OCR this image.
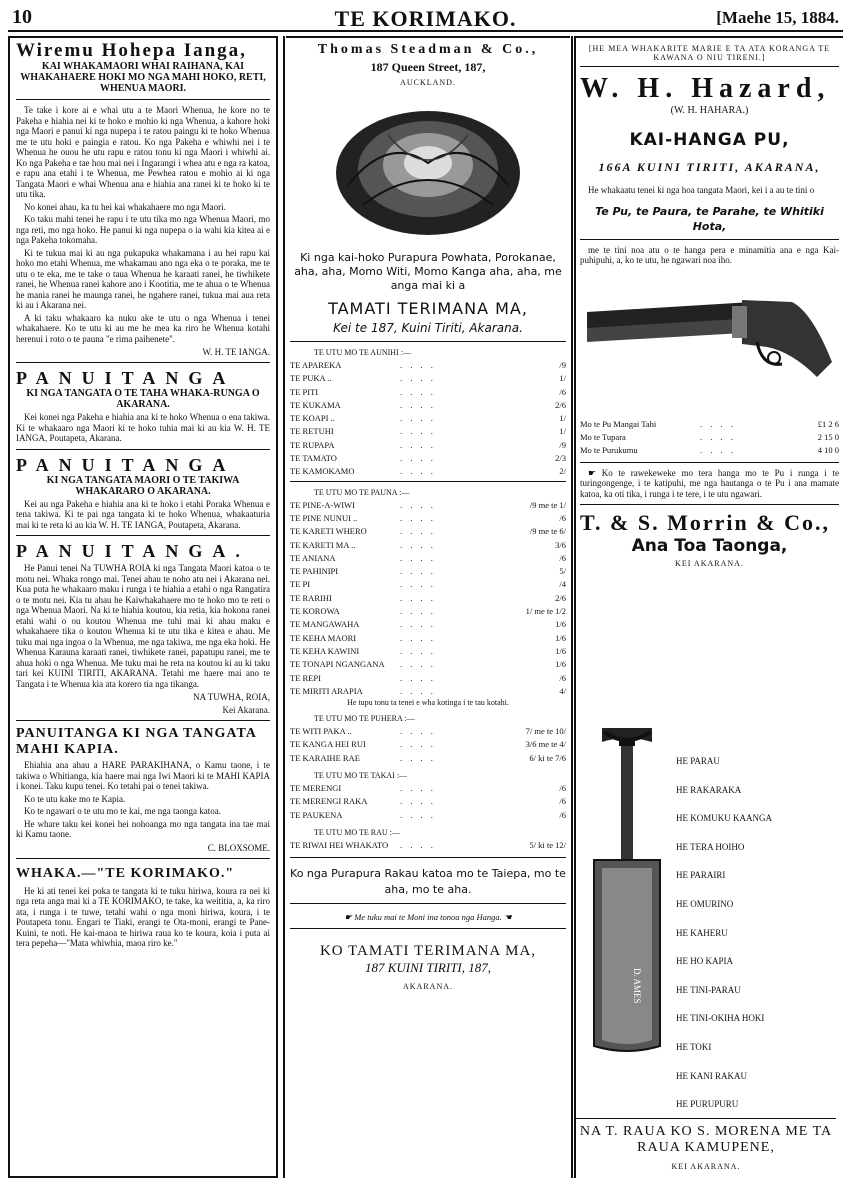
10	TE KORIMAKO.	[Maehe 15, 1884.
Wiremu Hohepa Ianga,
KAI WHAKAMAORI WHAI RAIHANA, KAI WHAKAHAERE HOKI MO NGA MAHI HOKO, RETI, WHENUA MAORI.

Te take i kore ai e whai utu a te Maori Whenua, he kore no te Pakeha e hiahia nei ki te hoko e mohio ki nga Whenua, a kahore hoki nga Maori e panui ki nga nupepa i te ratou paingu ki te hoko Whenua me te utu hoki e paingia e ratou. Ko nga Pakeha e whiwhi nei i te Whenua he ouou he utu rapu e ratou tonu ki nga Maori i whiwhi ai. Ko nga Pakeha e tae hou mai nei i Ingarangi i whea atu e nga ra katoa, e rapu ana etahi i te Whenua, me Pewhea ratou e mohio ai ki nga Tangata Maori e whai Whenua ana e hiahia ana ranei ki te hoko ki te utu tika.

No konei ahau, ka tu hei kai whakahaere mo nga Maori.

Ko taku mahi tenei he rapu i te utu tika mo nga Whenua Maori, mo nga reti, mo nga hoko. He panui ki nga nupepa o ia wahi kia kitea ai e nga Pakeha tokomaha.

Ki te tukua mai ki au nga pukapuka whakamana i au hei rapu kai hoko mo etahi Whenua, me whakamau ano nga eka o te poraka, me te utu o te eka, me te take o taua Whenua he karaati ranei, he tiwhikete ranei, he Whenua ranei kahore ano i Kootitia, me te ahua o te Whenua he mania ranei he maunga ranei, he ngahere ranei, tukua mai aua reta ki au i Akarana nei.

A ki taku whakaaro ka nuku ake te utu o nga Whenua i tenei whakahaere. Ko te utu ki au me he mea ka riro he Whenua kotahi herenui i roto o te pauna "e rima paihenete".

W. H. TE IANGA.
PANUITANGA
KI NGA TANGATA O TE TAHA WHAKA-RUNGA O AKARANA.

Kei konei nga Pakeha e hiahia ana ki te hoko Whenua o ena takiwa. Ki te whakaaro nga Maori ki te hoko tuhia mai ki au kia W. H. TE IANGA, Poutapeta, Akarana.

PANUITANGA
KI NGA TANGATA MAORI O TE TAKIWA WHAKARARO O AKARANA.

Kei au nga Pakeha e hiahia ana ki te hoko i etahi Poraka Whenua e tena takiwa. Ki te pai nga tangata ki te hoko Whenua, whakaaturia mai ki te reta ki au kia W. H. TE IANGA, Poutapeta, Akarana.

PANUITANGA.

He Panui tenei Na TUWHA ROIA ki nga Tangata Maori katoa o te motu nei. Whaka rongo mai. Tenei ahau te noho atu nei i Akarana nei. Kua puta he whakaaro maku i runga i te hiahia a etahi o nga Rangatira o te motu nei. Kia tu ahau he Kaiwhakahaere mo te hoko mo te reti o nga Whenua Maori. Na ki te hiahia koutou, kia retia, kia hokona ranei etahi wahi o ou koutou Whenua me tuhi mai ki ahau maku e whakahaere tika o koutou Whenua ki te utu tika e kitea e ahau. Me tuku mai nga ingoa o la Whenua, me nga takiwa, me nga eka hoki. He Whenua Karauna karaati ranei, tiwhikete ranei, papatupu ranei, me te ahua hoki o nga Whenua. Me tuku mai he reta na koutou ki au ki taku tari kei KUINI TIRITI, AKARANA. Tetahi me haere mai ano te Tangata i te Whenua kia ata korero tia nga tikanga.

NA TUWHA, ROIA,
Kei Akarana.
PANUITANGA KI NGA TANGATA MAHI KAPIA.

Ehiahia ana ahau a HARE PARAKIHANA, o Kamu taone, i te takiwa o Whitianga, kia haere mai nga Iwi Maori ki te MAHI KAPIA i konei. Taku kupu tenei. Ko tetahi pai o tenei takiwa.

Ko te utu kake mo te Kapia.

Ko te ngawari o te utu mo te kai, me nga taonga katoa.

He whare taku kei konei hei nohoanga mo nga tangata ina tae mai ki Kamu taone.

C. BLOXSOME.
WHAKA.—"TE KORIMAKO."

He ki ati tenei kei poka te tangata ki te tuku hiriwa, koura ra nei ki nga reta anga mai ki a TE KORIMAKO, te take, ka weititia, a, ka riro ata, i runga i te tuwe, tetahi wahi o nga moni hiriwa, koura, i te Poutapeta tonu. Engari te Tiaki, erangi te Ota-moni, erangi te Pane-Kuini, te noti. He kai-maoa te hiriwa raua ko te koura, koia i puta ai tera pepeha—"Mata whiwhia, maoa riro ke."

Thomas Steadman & Co.,
187 Queen Street, 187,
AUCKLAND.
Ki nga kai-hoko Purapura Powhata, Porokanae, aha, aha, Momo Witi, Momo Kanga aha, aha, me anga mai ki a
TAMATI TERIMANA MA,
Kei te 187, Kuini Tiriti, Akarana.
TE UTU MO TE AUNIHI :—
TE APAREKA	. . . .	/9
TE PUKA ..	. . . .	1/
TE PITI	. . . .	/6
TE KUKAMA	. . . .	2/6
TE KOAPI ..	. . . .	1/
TE RETUHI	. . . .	1/
TE RUPAPA	. . . .	/9
TE TAMATO	. . . .	2/3
TE KAMOKAMO	. . . .	2/
TE UTU MO TE PAUNA :—
TE PINE-A-WIWI	. . . .	/9 me te 1/
TE PINE NUNUI ..	. . . .	/6
TE KARETI WHERO	. . . .	/9 me te 6/
TE KARETI MA ..	. . . .	3/6
TE ANIANA	. . . .	/6
TE PAHINIPI	. . . .	5/
TE PI	. . . .	/4
TE RARIHI	. . . .	2/6
TE KOROWA	. . . .	1/ me te 1/2
TE MANGAWAHA	. . . .	1/6
TE KEHA MAORI	. . . .	1/6
TE KEHA KAWINI	. . . .	1/6
TE TONAPI NGANGANA	. . . .	1/6
TE REPI	. . . .	/6
TE MIRITI ARAPIA	. . . .	4/
He tupu tonu ta tenei e wha kotinga i te tau kotahi.
TE UTU MO TE PUHERA :—
TE WITI PAKA ..	. . . .	7/ me te 10/
TE KANGA HEI RUI	. . . .	3/6 me te 4/
TE KARAIHE RAE	. . . .	6/ ki te 7/6
TE UTU MO TE TAKAI :—
TE MERENGI	. . . .	/6
TE MERENGI RAKA	. . . .	/6
TE PAUKENA	. . . .	/6
TE UTU MO TE RAU :—
TE RIWAI HEI WHAKATO	. . . .	5/ ki te 12/
Ko nga Purapura Rakau katoa mo te Taiepa, mo te aha, mo te aha.
☛ Me tuku mai te Moni ina tonoa nga Hanga. ☚
KO TAMATI TERIMANA MA,
187 KUINI TIRITI, 187,
AKARANA.
[HE MEA WHAKARITE MARIE E TA ATA KORANGA TE KAWANA O NIU TIRENI.]
W. H. Hazard,
(W. H. HAHARA.)
KAI-HANGA PU,
166A KUINI TIRITI, AKARANA,

He whakaatu tenei ki nga hoa tangata Maori, kei i a au te tini o

Te Pu, te Paura, te Parahe, te Whitiki Hota,

me te tini noa atu o te hanga pera e minamitia ana e nga Kai-puhipuhi, a, ko te utu, he ngawari noa iho.

Mo te Pu Mangai Tahi	. . . .	£1 2 6
Mo te Tupara	. . . .	2 15 0
Mo te Purukumu	. . . .	4 10 0

☛ Ko te rawekeweke mo tera hanga mo te Pu i runga i te turingongenge, i te katipuhi, me nga hautanga o te Pu i ana mamate katoa, ka oti tika, i runga i te tere, i te utu ngawari.

T. & S. Morrin & Co.,
Ana Toa Taonga,
KEI AKARANA.
D. AMES
HE PARAU
HE RAKARAKA
HE KOMUKU KAANGA
HE TERA HOIHO
HE PARAIRI
HE OMURINO
HE KAHERU
HE HO KAPIA
HE TINI-PARAU
HE TINI-OKIHA HOKI
HE TOKI
HE KANI RAKAU
HE PURUPURU
NA T. RAUA KO S. MORENA ME TA RAUA KAMUPENE,
KEI AKARANA.
